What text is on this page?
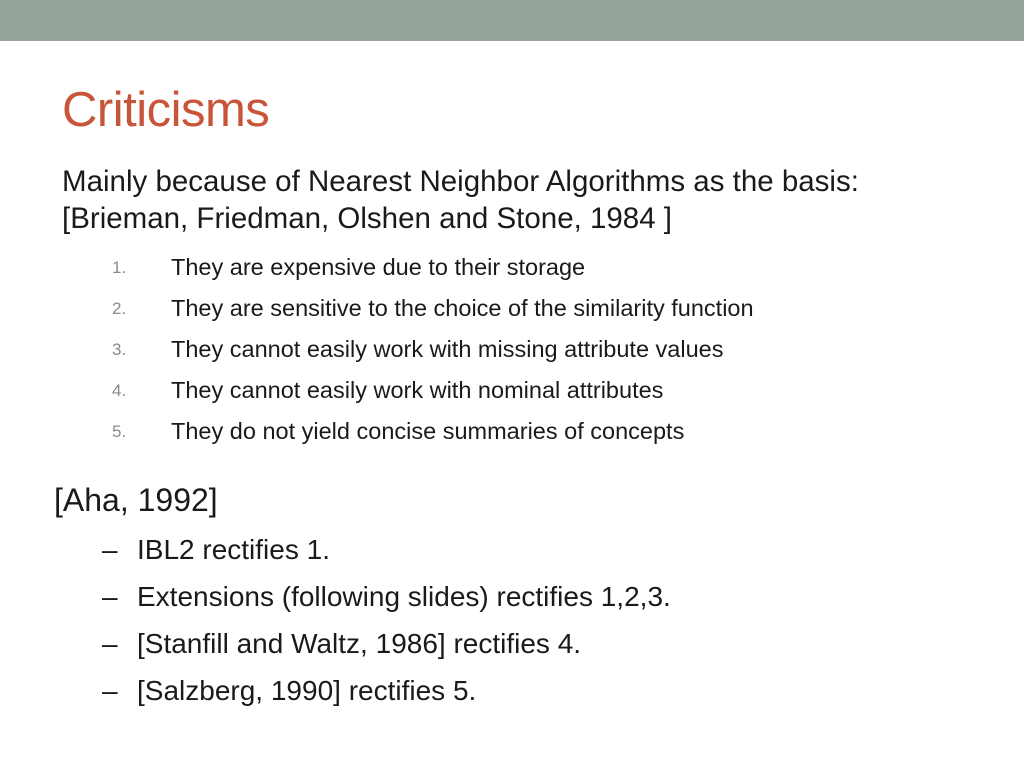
Criticisms

Mainly because of Nearest Neighbor Algorithms as the basis: [Brieman, Friedman, Olshen and Stone, 1984 ]

1. They are expensive due to their storage
2. They are sensitive to the choice of the similarity function
3. They cannot easily work with missing attribute values
4. They cannot easily work with nominal attributes
5. They do not yield concise summaries of concepts

[Aha, 1992]

– IBL2 rectifies 1.
– Extensions (following slides) rectifies 1,2,3.
– [Stanfill and Waltz, 1986] rectifies 4.
– [Salzberg, 1990] rectifies 5.
